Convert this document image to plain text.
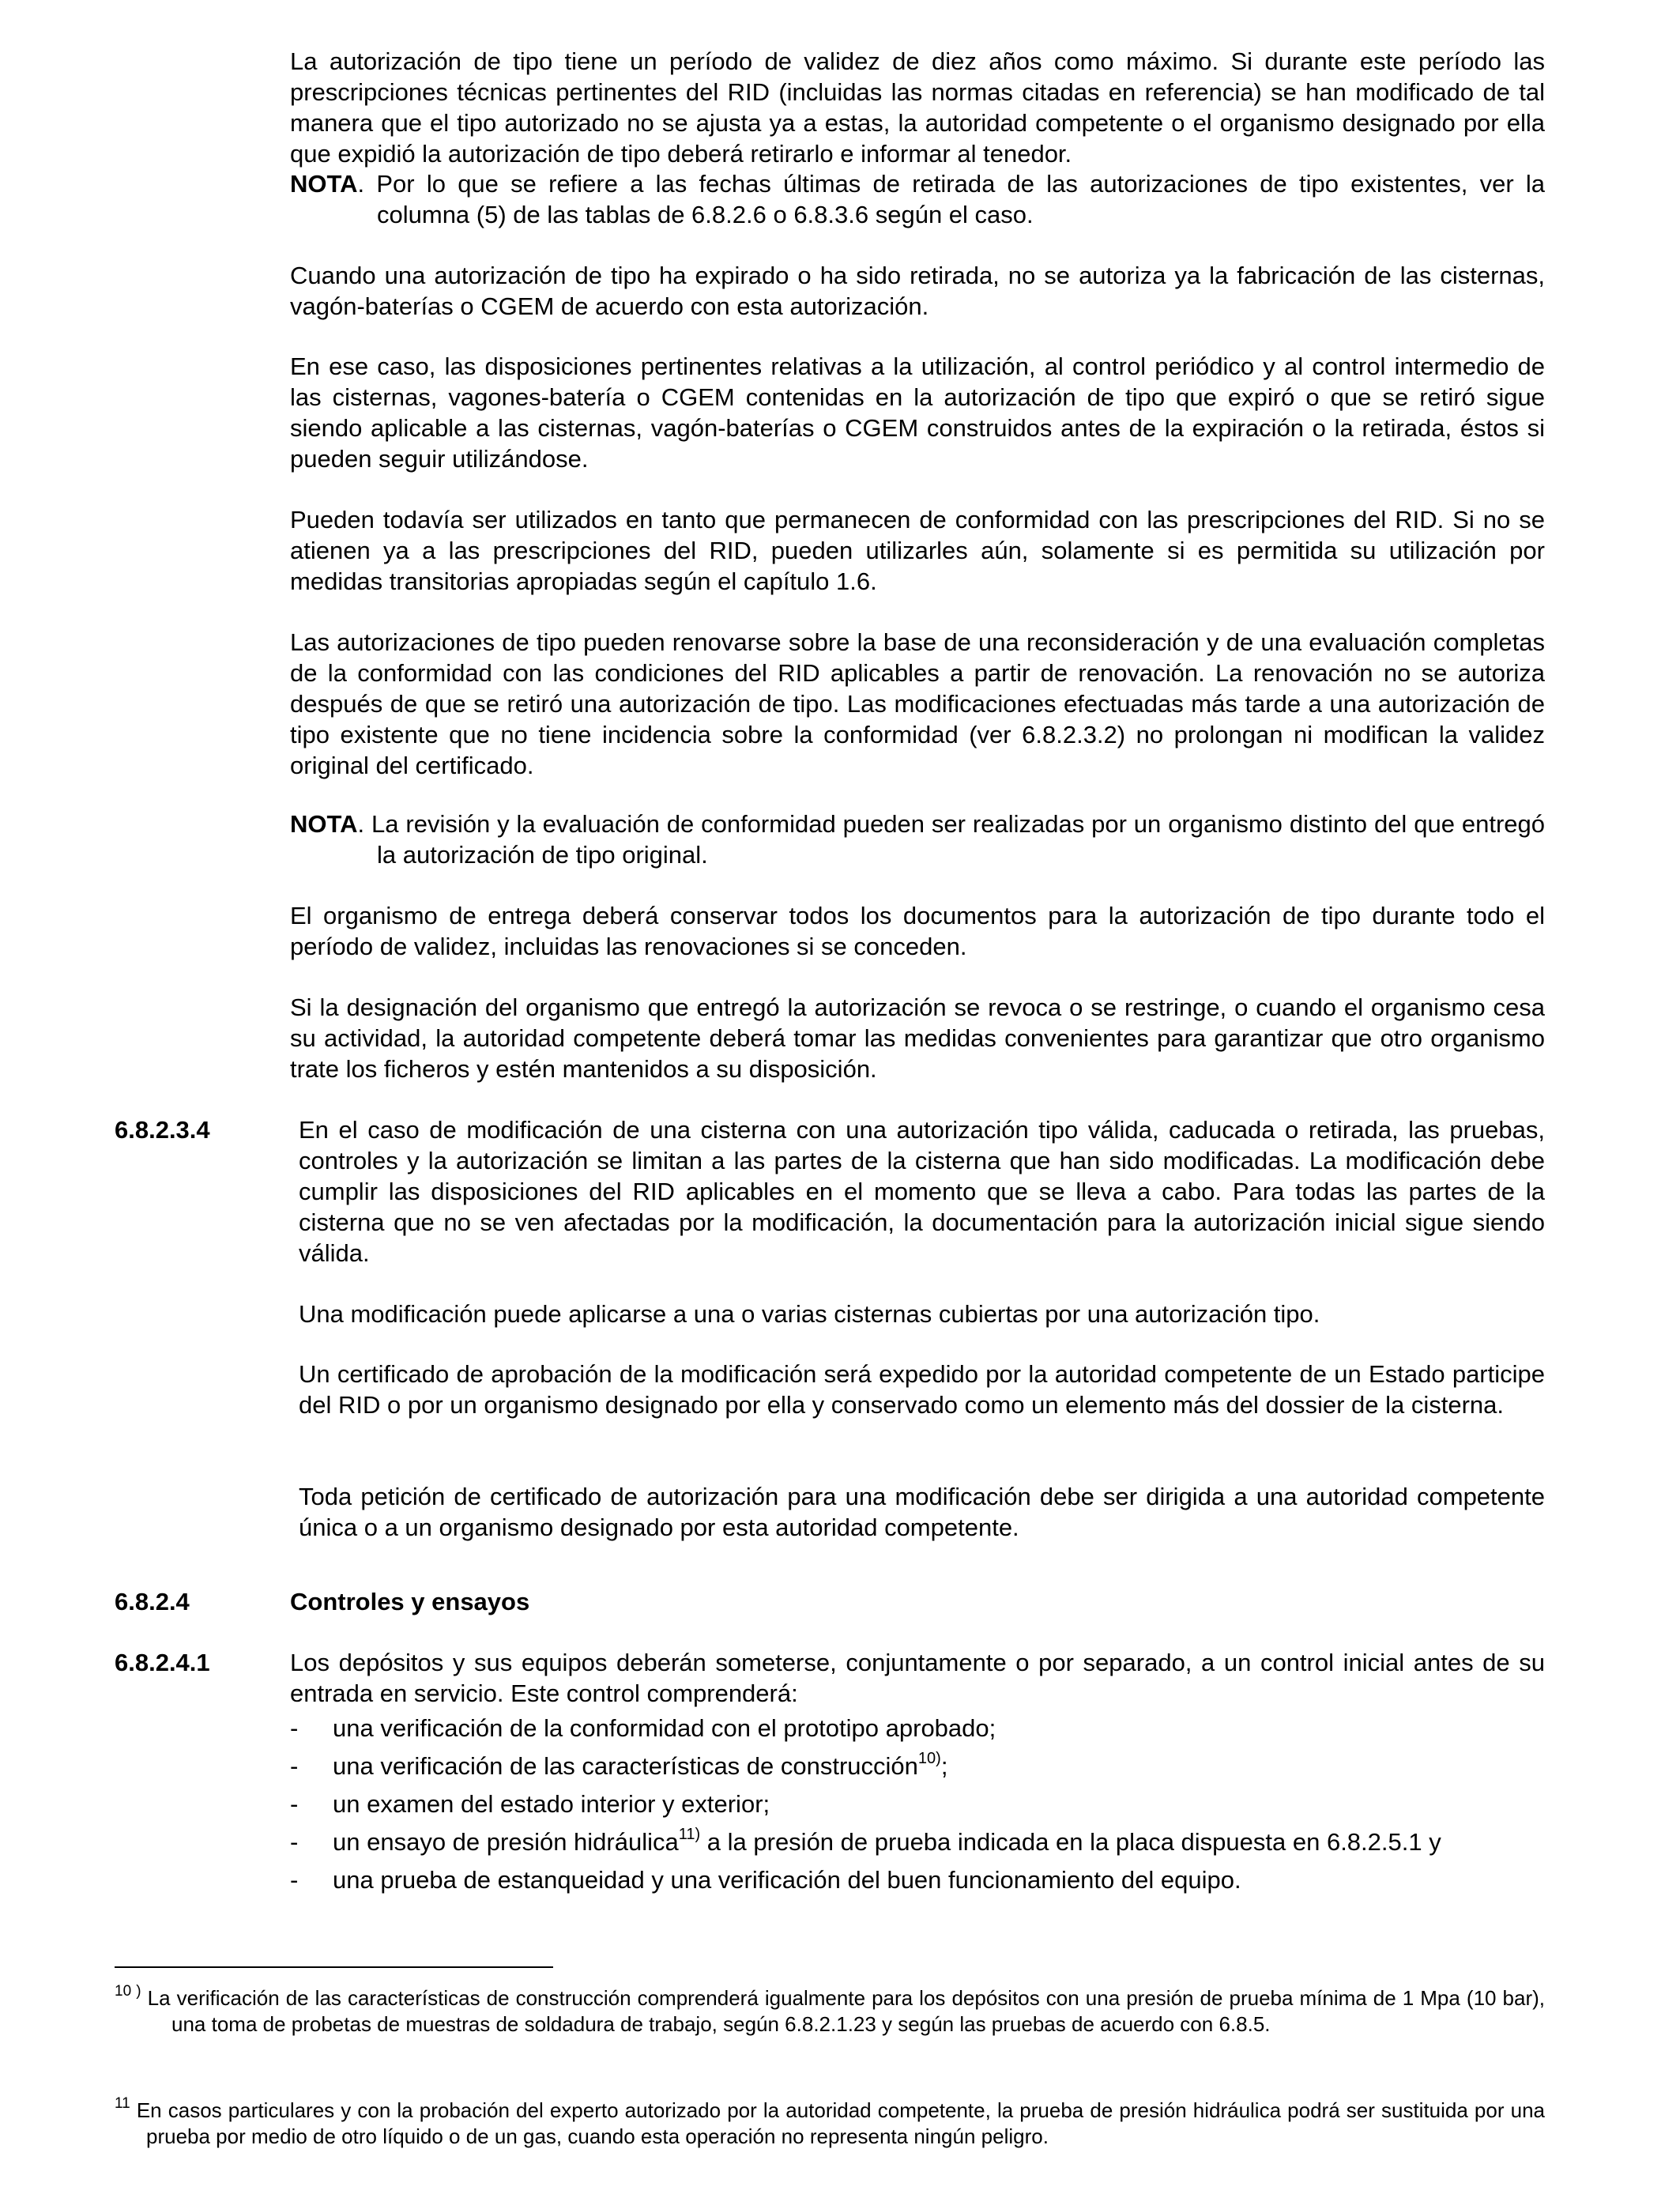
La autorización de tipo tiene un período de validez de diez años como máximo. Si durante este período las prescripciones técnicas pertinentes del RID (incluidas las normas citadas en referencia) se han modificado de tal manera que el tipo autorizado no se ajusta ya a estas, la autoridad competente o el organismo designado por ella que expidió la autorización de tipo deberá retirarlo e informar al tenedor.

NOTA. Por lo que se refiere a las fechas últimas de retirada de las autorizaciones de tipo existentes, ver la columna (5) de las tablas de 6.8.2.6 o 6.8.3.6 según el caso.

Cuando una autorización de tipo ha expirado o ha sido retirada, no se autoriza ya la fabricación de las cisternas, vagón-baterías o CGEM de acuerdo con esta autorización.

En ese caso, las disposiciones pertinentes relativas a la utilización, al control periódico y al control intermedio de las cisternas, vagones-batería o CGEM contenidas en la autorización de tipo que expiró o que se retiró sigue siendo aplicable a las cisternas, vagón-baterías o CGEM construidos antes de la expiración o la retirada, éstos si pueden seguir utilizándose.

Pueden todavía ser utilizados en tanto que permanecen de conformidad con las prescripciones del RID. Si no se atienen ya a las prescripciones del RID, pueden utilizarles aún, solamente si es permitida su utilización por medidas transitorias apropiadas según el capítulo 1.6.

Las autorizaciones de tipo pueden renovarse sobre la base de una reconsideración y de una evaluación completas de la conformidad con las condiciones del RID aplicables a partir de renovación. La renovación no se autoriza después de que se retiró una autorización de tipo. Las modificaciones efectuadas más tarde a una autorización de tipo existente que no tiene incidencia sobre la conformidad (ver 6.8.2.3.2) no prolongan ni modifican la validez original del certificado.

NOTA. La revisión y la evaluación de conformidad pueden ser realizadas por un organismo distinto del que entregó la autorización de tipo original.

El organismo de entrega deberá conservar todos los documentos para la autorización de tipo durante todo el período de validez, incluidas las renovaciones si se conceden.

Si la designación del organismo que entregó la autorización se revoca o se restringe, o cuando el organismo cesa su actividad, la autoridad competente deberá tomar las medidas convenientes para garantizar que otro organismo trate los ficheros y estén mantenidos a su disposición.

6.8.2.3.4	En el caso de modificación de una cisterna con una autorización tipo válida, caducada o retirada, las pruebas, controles y la autorización se limitan a las partes de la cisterna que han sido modificadas. La modificación debe cumplir las disposiciones del RID aplicables en el momento que se lleva a cabo. Para todas las partes de la cisterna que no se ven afectadas por la modificación, la documentación para la autorización inicial sigue siendo válida.

Una modificación puede aplicarse a una o varias cisternas cubiertas por una autorización tipo.

Un certificado de aprobación de la modificación será expedido por la autoridad competente de un Estado participe del RID o por un organismo designado por ella y conservado como un elemento más del dossier de la cisterna.

Toda petición de certificado de autorización para una modificación debe ser dirigida a una autoridad competente única o a un organismo designado por esta autoridad competente.

6.8.2.4	Controles y ensayos
6.8.2.4.1	Los depósitos y sus equipos deberán someterse, conjuntamente o por separado, a un control inicial antes de su entrada en servicio. Este control comprenderá:

-	una verificación de la conformidad con el prototipo aprobado;
-	una verificación de las características de construcción$^{10)}$;
-	un examen del estado interior y exterior;
-	un ensayo de presión hidráulica$^{11)}$ a la presión de prueba indicada en la placa dispuesta en 6.8.2.5.1 y
-	una prueba de estanqueidad y una verificación del buen funcionamiento del equipo.
$^{10 )}$ La verificación de las características de construcción comprenderá igualmente para los depósitos con una presión de prueba mínima de 1 Mpa (10 bar), una toma de probetas de muestras de soldadura de trabajo, según 6.8.2.1.23 y según las pruebas de acuerdo con 6.8.5.
$^{11}$ En casos particulares y con la probación del experto autorizado por la autoridad competente, la prueba de presión hidráulica podrá ser sustituida por una prueba por medio de otro líquido o de un gas, cuando esta operación no representa ningún peligro.
